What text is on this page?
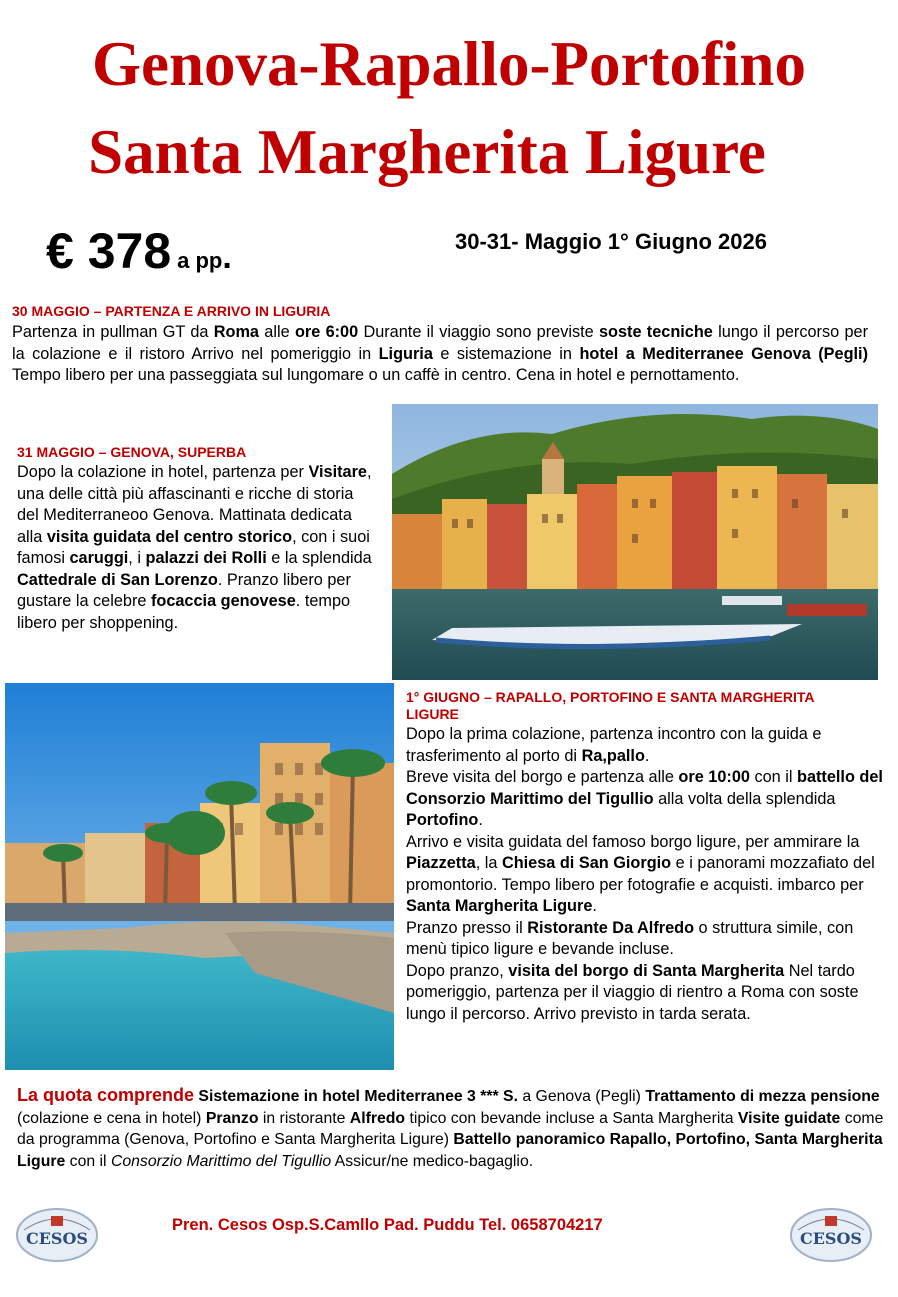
Genova-Rapallo-Portofino
Santa Margherita Ligure
€ 378 a pp.	30-31- Maggio 1° Giugno 2026
30 MAGGIO – PARTENZA E ARRIVO IN LIGURIA
Partenza in pullman GT da Roma alle ore 6:00 Durante il viaggio sono previste soste tecniche lungo il percorso per la colazione e il ristoro Arrivo nel pomeriggio in Liguria e sistemazione in hotel a Mediterranee Genova (Pegli) Tempo libero per una passeggiata sul lungomare o un caffè in centro. Cena in hotel e pernottamento.
31 MAGGIO – GENOVA, SUPERBA
Dopo la colazione in hotel, partenza per Visitare, una delle città più affascinanti e ricche di storia del Mediterraneoo Genova. Mattinata dedicata alla visita guidata del centro storico, con i suoi famosi caruggi, i palazzi dei Rolli e la splendida Cattedrale di San Lorenzo. Pranzo libero per gustare la celebre focaccia genovese. tempo libero per shoppening.
1° GIUGNO – RAPALLO, PORTOFINO E SANTA MARGHERITA LIGURE
Dopo la prima colazione, partenza incontro con la guida e trasferimento al porto di Ra,pallo.
Breve visita del borgo e partenza alle ore 10:00 con il battello del Consorzio Marittimo del Tigullio alla volta della splendida Portofino.
Arrivo e visita guidata del famoso borgo ligure, per ammirare la Piazzetta, la Chiesa di San Giorgio e i panorami mozzafiato del promontorio. Tempo libero per fotografie e acquisti. imbarco per Santa Margherita Ligure.
Pranzo presso il Ristorante Da Alfredo o struttura simile, con menù tipico ligure e bevande incluse.
Dopo pranzo, visita del borgo di Santa Margherita Nel tardo pomeriggio, partenza per il viaggio di rientro a Roma con soste lungo il percorso. Arrivo previsto in tarda serata.
La quota comprende Sistemazione in hotel Mediterranee 3 *** S. a Genova (Pegli) Trattamento di mezza pensione (colazione e cena in hotel) Pranzo in ristorante Alfredo tipico con bevande incluse a Santa Margherita Visite guidate come da programma (Genova, Portofino e Santa Margherita Ligure) Battello panoramico Rapallo, Portofino, Santa Margherita Ligure con il Consorzio Marittimo del Tigullio Assicur/ne medico-bagaglio.
CESOS	CESOS
Pren. Cesos Osp.S.Camllo Pad. Puddu Tel. 0658704217
